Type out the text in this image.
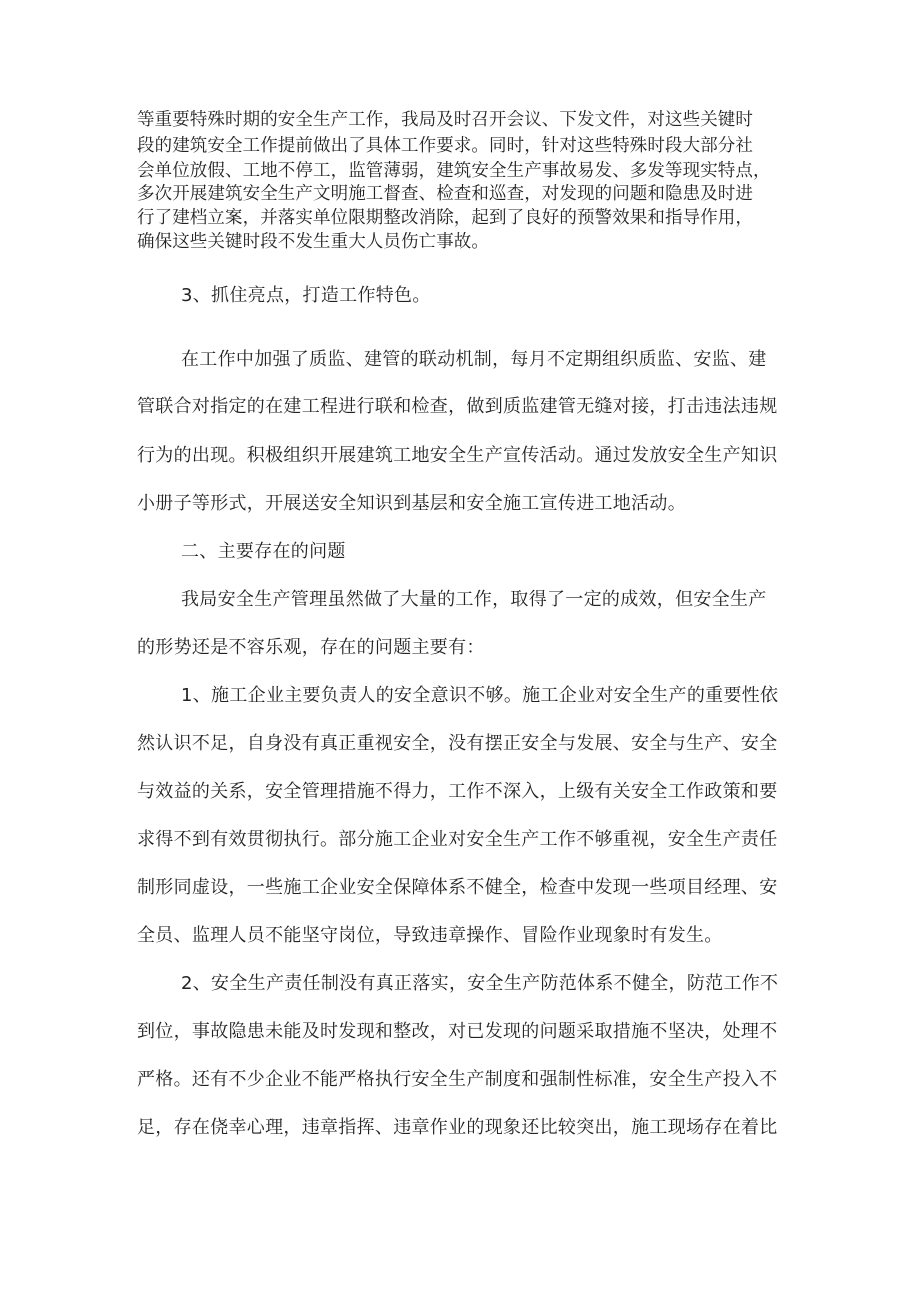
等重要特殊时期的安全生产工作，我局及时召开会议、下发文件，对这些关键时
段的建筑安全工作提前做出了具体工作要求。同时，针对这些特殊时段大部分社
会单位放假、工地不停工，监管薄弱，建筑安全生产事故易发、多发等现实特点，
多次开展建筑安全生产文明施工督查、检查和巡查，对发现的问题和隐患及时进
行了建档立案，并落实单位限期整改消除，起到了良好的预警效果和指导作用，
确保这些关键时段不发生重大人员伤亡事故。
3、抓住亮点，打造工作特色。
在工作中加强了质监、建管的联动机制，每月不定期组织质监、安监、建
管联合对指定的在建工程进行联和检查，做到质监建管无缝对接，打击违法违规
行为的出现。积极组织开展建筑工地安全生产宣传活动。通过发放安全生产知识
小册子等形式，开展送安全知识到基层和安全施工宣传进工地活动。
二、主要存在的问题
我局安全生产管理虽然做了大量的工作，取得了一定的成效，但安全生产
的形势还是不容乐观，存在的问题主要有：
1、施工企业主要负责人的安全意识不够。施工企业对安全生产的重要性依
然认识不足，自身没有真正重视安全，没有摆正安全与发展、安全与生产、安全
与效益的关系，安全管理措施不得力，工作不深入，上级有关安全工作政策和要
求得不到有效贯彻执行。部分施工企业对安全生产工作不够重视，安全生产责任
制形同虚设，一些施工企业安全保障体系不健全，检查中发现一些项目经理、安
全员、监理人员不能坚守岗位，导致违章操作、冒险作业现象时有发生。
2、安全生产责任制没有真正落实，安全生产防范体系不健全，防范工作不
到位，事故隐患未能及时发现和整改，对已发现的问题采取措施不坚决，处理不
严格。还有不少企业不能严格执行安全生产制度和强制性标准，安全生产投入不
足，存在侥幸心理，违章指挥、违章作业的现象还比较突出，施工现场存在着比
